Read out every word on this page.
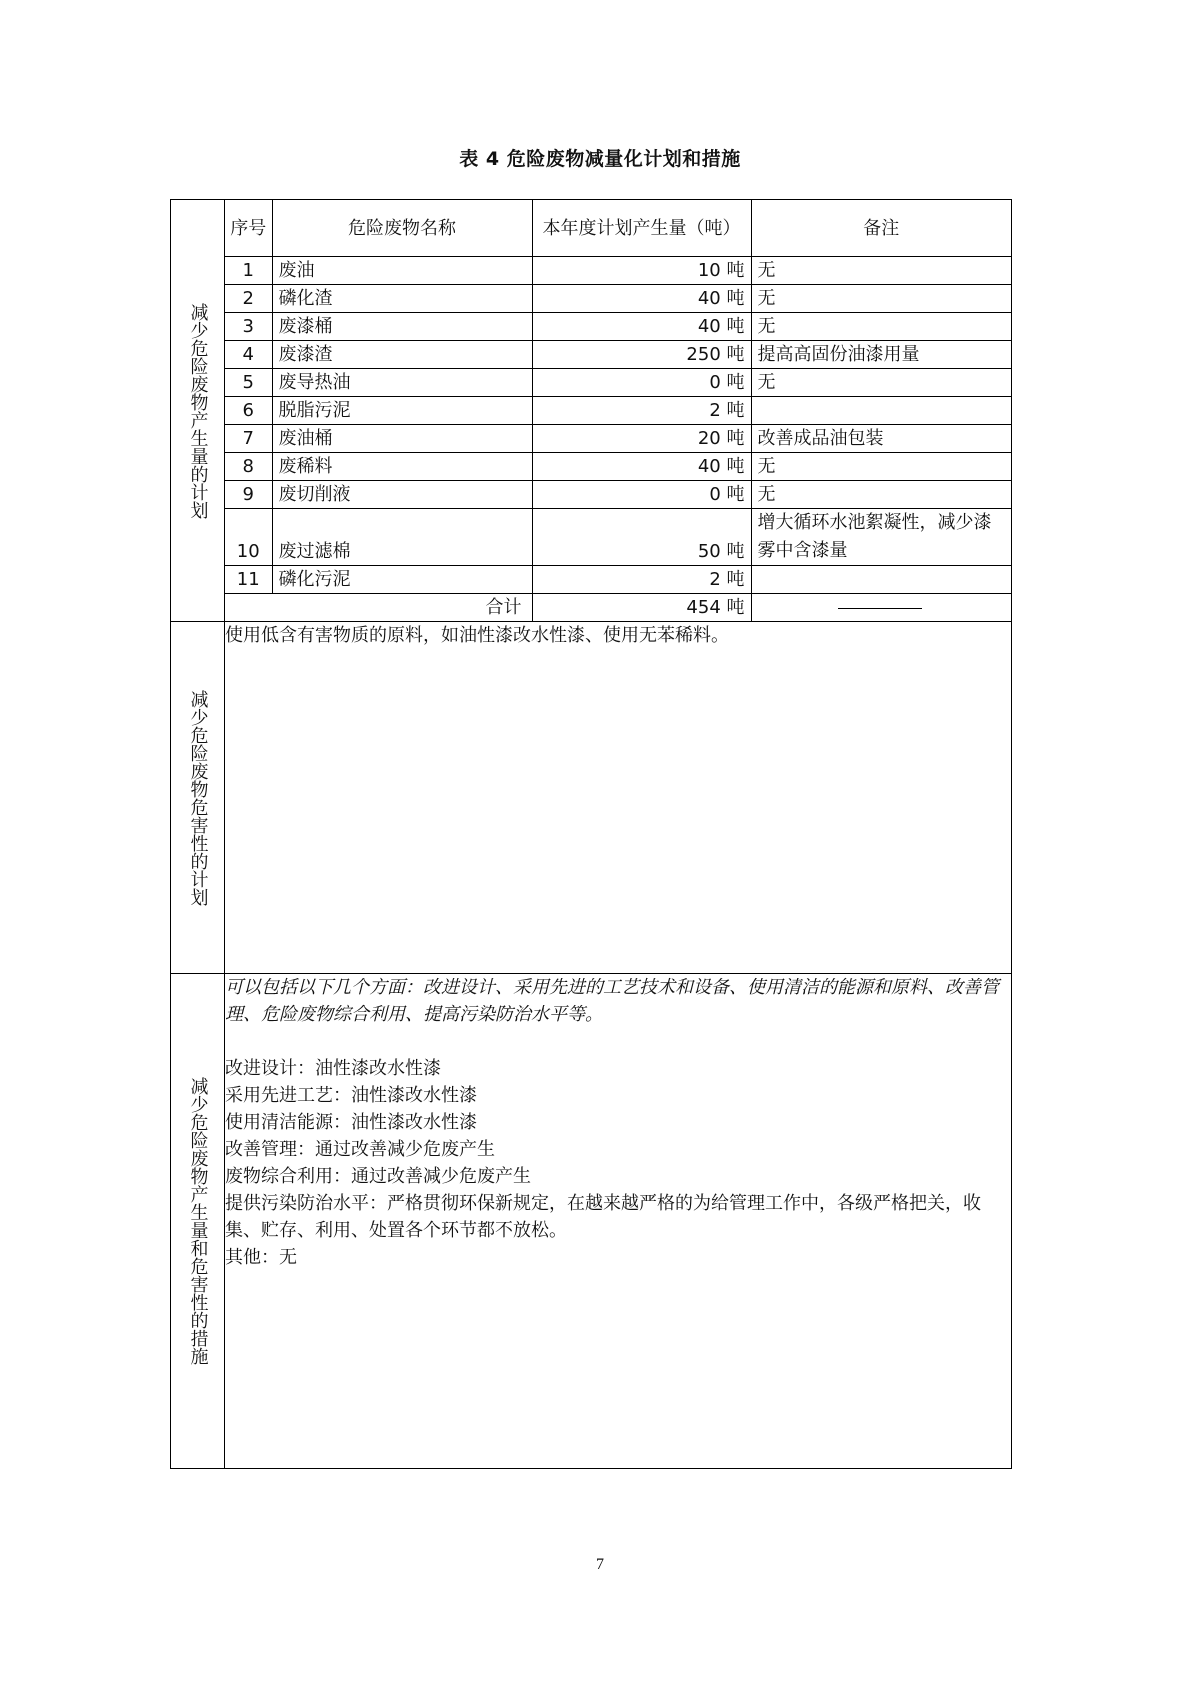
表 4 危险废物减量化计划和措施
减少危险废物产生量的计划

序号	危险废物名称	本年度计划产生量（吨）	备注
1	废油	10 吨	无
2	磷化渣	40 吨	无
3	废漆桶	40 吨	无
4	废漆渣	250 吨	提高高固份油漆用量
5	废导热油	0 吨	无
6	脱脂污泥	2 吨	
7	废油桶	20 吨	改善成品油包装
8	废稀料	40 吨	无
9	废切削液	0 吨	无
10	废过滤棉	50 吨	增大循环水池絮凝性，减少漆雾中含漆量
11	磷化污泥	2 吨	
合计	454 吨	

减少危险废物危害性的计划
	使用低含有害物质的原料，如油性漆改水性漆、使用无苯稀料。

减少危险废物产生量和危害性的措施

可以包括以下几个方面：改进设计、采用先进的工艺技术和设备、使用清洁的能源和原料、改善管理、危险废物综合利用、提高污染防治水平等。
改进设计：油性漆改水性漆
采用先进工艺：油性漆改水性漆
使用清洁能源：油性漆改水性漆
改善管理：通过改善减少危废产生
废物综合利用：通过改善减少危废产生
提供污染防治水平：严格贯彻环保新规定，在越来越严格的为给管理工作中，各级严格把关，收集、贮存、利用、处置各个环节都不放松。
其他：无
7
